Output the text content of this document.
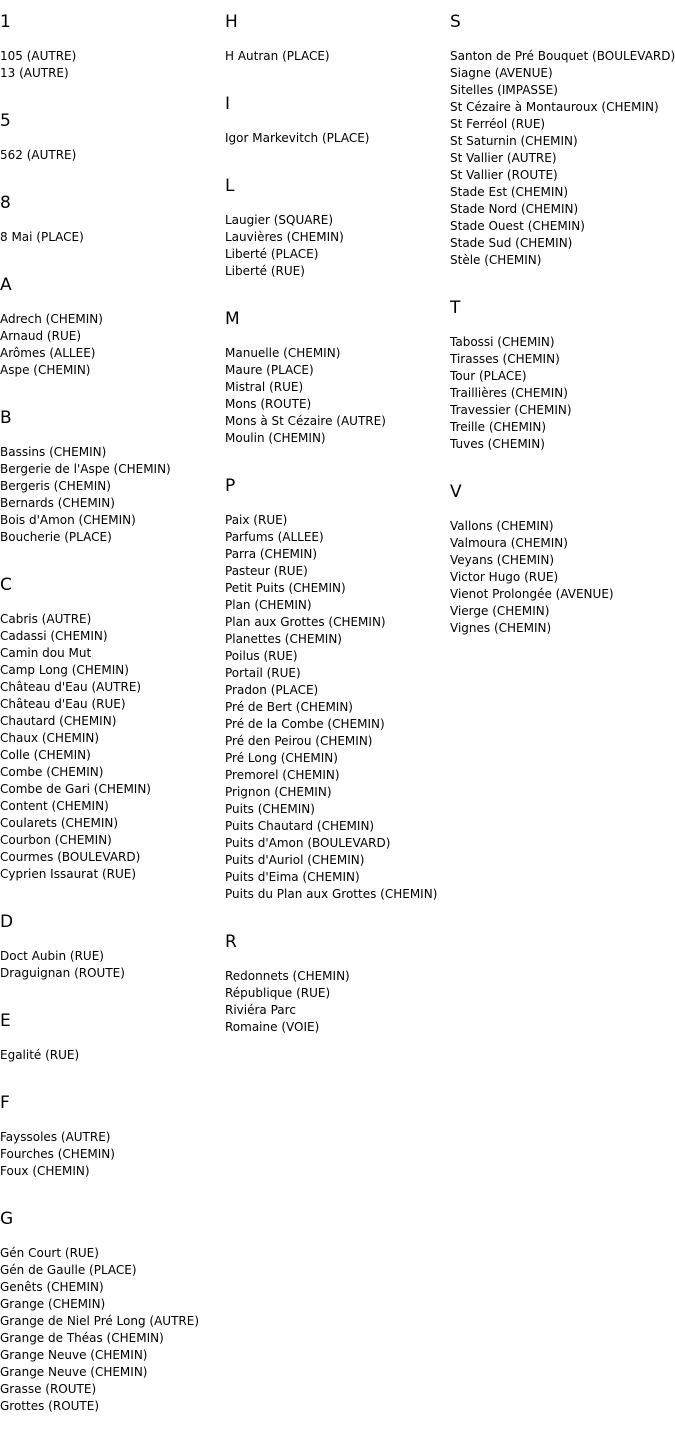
1
105 (AUTRE)
13 (AUTRE)
5
562 (AUTRE)
8
8 Mai (PLACE)
A
Adrech (CHEMIN)
Arnaud (RUE)
Arômes (ALLEE)
Aspe (CHEMIN)
B
Bassins (CHEMIN)
Bergerie de l'Aspe (CHEMIN)
Bergeris (CHEMIN)
Bernards (CHEMIN)
Bois d'Amon (CHEMIN)
Boucherie (PLACE)
C
Cabris (AUTRE)
Cadassi (CHEMIN)
Camin dou Mut
Camp Long (CHEMIN)
Château d'Eau (AUTRE)
Château d'Eau (RUE)
Chautard (CHEMIN)
Chaux (CHEMIN)
Colle (CHEMIN)
Combe (CHEMIN)
Combe de Gari (CHEMIN)
Content (CHEMIN)
Coularets (CHEMIN)
Courbon (CHEMIN)
Courmes (BOULEVARD)
Cyprien Issaurat (RUE)
D
Doct Aubin (RUE)
Draguignan (ROUTE)
E
Egalité (RUE)
F
Fayssoles (AUTRE)
Fourches (CHEMIN)
Foux (CHEMIN)
G
Gén Court (RUE)
Gén de Gaulle (PLACE)
Genêts (CHEMIN)
Grange (CHEMIN)
Grange de Niel Pré Long (AUTRE)
Grange de Théas (CHEMIN)
Grange Neuve (CHEMIN)
Grange Neuve (CHEMIN)
Grasse (ROUTE)
Grottes (ROUTE)
H
H Autran (PLACE)
I
Igor Markevitch (PLACE)
L
Laugier (SQUARE)
Lauvières (CHEMIN)
Liberté (PLACE)
Liberté (RUE)
M
Manuelle (CHEMIN)
Maure (PLACE)
Mistral (RUE)
Mons (ROUTE)
Mons à St Cézaire (AUTRE)
Moulin (CHEMIN)
P
Paix (RUE)
Parfums (ALLEE)
Parra (CHEMIN)
Pasteur (RUE)
Petit Puits (CHEMIN)
Plan (CHEMIN)
Plan aux Grottes (CHEMIN)
Planettes (CHEMIN)
Poilus (RUE)
Portail (RUE)
Pradon (PLACE)
Pré de Bert (CHEMIN)
Pré de la Combe (CHEMIN)
Pré den Peirou (CHEMIN)
Pré Long (CHEMIN)
Premorel (CHEMIN)
Prignon (CHEMIN)
Puits (CHEMIN)
Puits Chautard (CHEMIN)
Puits d'Amon (BOULEVARD)
Puits d'Auriol (CHEMIN)
Puits d'Eima (CHEMIN)
Puits du Plan aux Grottes (CHEMIN)
R
Redonnets (CHEMIN)
République (RUE)
Riviéra Parc
Romaine (VOIE)
S
Santon de Pré Bouquet (BOULEVARD)
Siagne (AVENUE)
Sitelles (IMPASSE)
St Cézaire à Montauroux (CHEMIN)
St Ferréol (RUE)
St Saturnin (CHEMIN)
St Vallier (AUTRE)
St Vallier (ROUTE)
Stade Est (CHEMIN)
Stade Nord (CHEMIN)
Stade Ouest (CHEMIN)
Stade Sud (CHEMIN)
Stèle (CHEMIN)
T
Tabossi (CHEMIN)
Tirasses (CHEMIN)
Tour (PLACE)
Traillières (CHEMIN)
Travessier (CHEMIN)
Treille (CHEMIN)
Tuves (CHEMIN)
V
Vallons (CHEMIN)
Valmoura (CHEMIN)
Veyans (CHEMIN)
Victor Hugo (RUE)
Vienot Prolongée (AVENUE)
Vierge (CHEMIN)
Vignes (CHEMIN)
